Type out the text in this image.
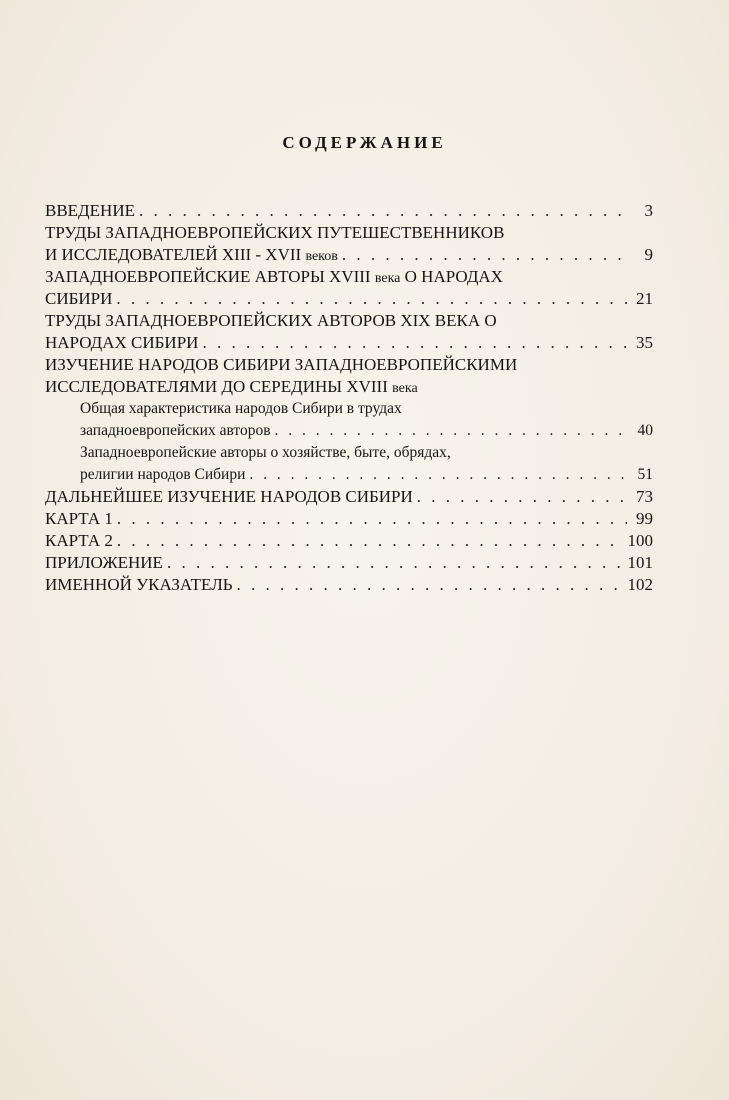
СОДЕРЖАНИЕ
ВВЕДЕНИЕ . . .	3
ТРУДЫ ЗАПАДНОЕВРОПЕЙСКИХ ПУТЕШЕСТВЕННИКОВ
И ИССЛЕДОВАТЕЛЕЙ XIII - XVII веков . . .	9
ЗАПАДНОЕВРОПЕЙСКИЕ АВТОРЫ XVIII века О НАРОДАХ
СИБИРИ . . .	21
ТРУДЫ ЗАПАДНОЕВРОПЕЙСКИХ АВТОРОВ XIX ВЕКА О
НАРОДАХ СИБИРИ . . .	35
ИЗУЧЕНИЕ НАРОДОВ СИБИРИ ЗАПАДНОЕВРОПЕЙСКИМИ
ИССЛЕДОВАТЕЛЯМИ ДО СЕРЕДИНЫ XVIII века
Общая характеристика народов Сибири в трудах
западноевропейских авторов . . .	40
Западноевропейские авторы о хозяйстве, быте, обрядах,
религии народов Сибири . . .	51
ДАЛЬНЕЙШЕЕ ИЗУЧЕНИЕ НАРОДОВ СИБИРИ . . .	73
КАРТА 1 . . .	99
КАРТА 2 . . .	100
ПРИЛОЖЕНИЕ . . .	101
ИМЕННОЙ УКАЗАТЕЛЬ . . .	102
